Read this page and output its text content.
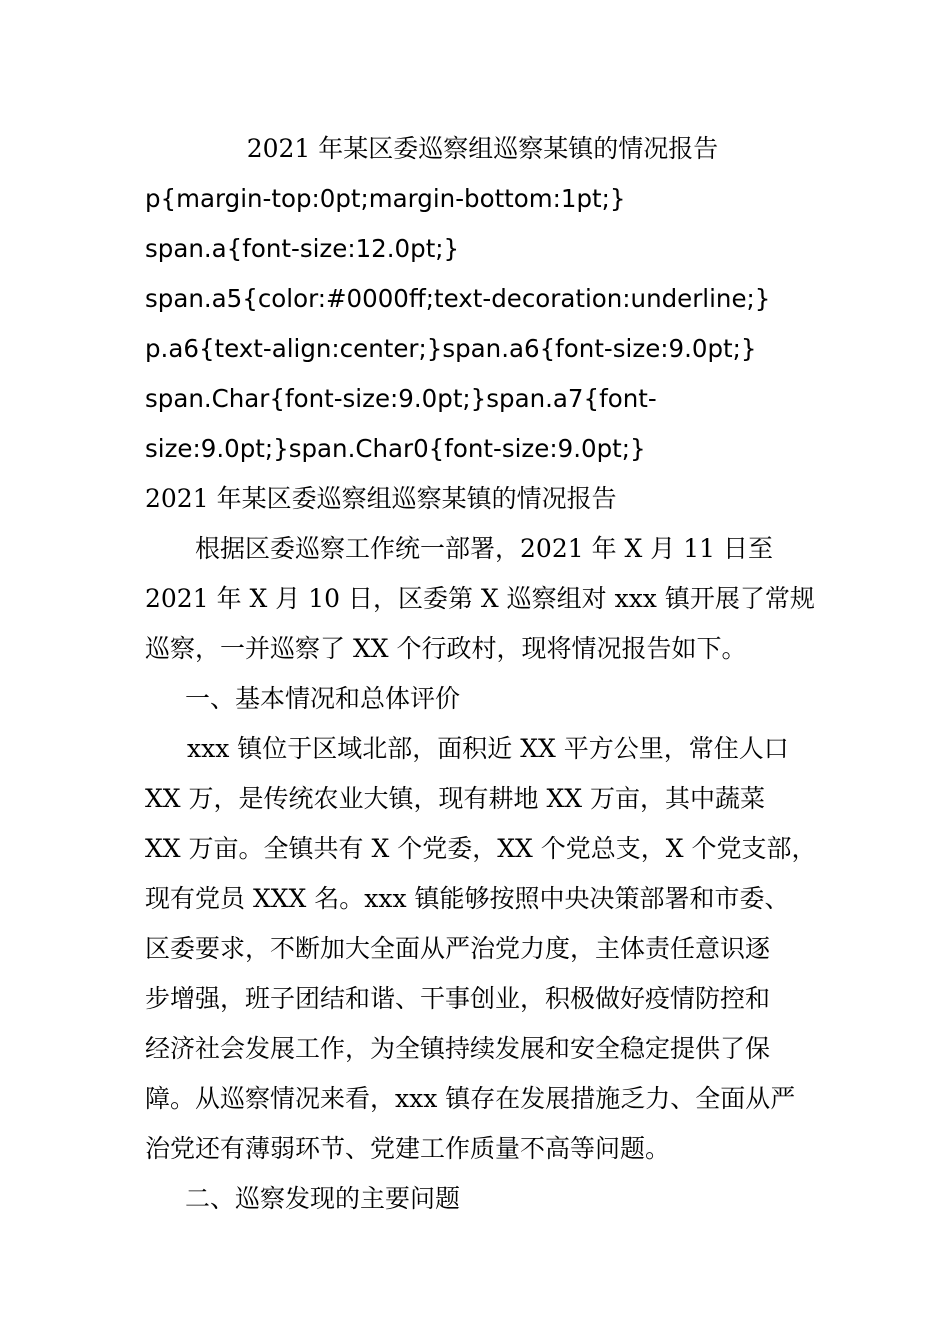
2021 年某区委巡察组巡察某镇的情况报告
p{margin-top:0pt;margin-bottom:1pt;}
span.a{font-size:12.0pt;}
span.a5{color:#0000ff;text-decoration:underline;}
p.a6{text-align:center;}span.a6{font-size:9.0pt;}
span.Char{font-size:9.0pt;}span.a7{font-
size:9.0pt;}span.Char0{font-size:9.0pt;}
2021 年某区委巡察组巡察某镇的情况报告
根据区委巡察工作统一部署，2021 年 X 月 11 日至
2021 年 X 月 10 日，区委第 X 巡察组对 xxx 镇开展了常规
巡察，一并巡察了 XX 个行政村，现将情况报告如下。
一、基本情况和总体评价
xxx 镇位于区域北部，面积近 XX 平方公里，常住人口
XX 万，是传统农业大镇，现有耕地 XX 万亩，其中蔬菜
XX 万亩。全镇共有 X 个党委，XX 个党总支，X 个党支部，
现有党员 XXX 名。xxx 镇能够按照中央决策部署和市委、
区委要求，不断加大全面从严治党力度，主体责任意识逐
步增强，班子团结和谐、干事创业，积极做好疫情防控和
经济社会发展工作，为全镇持续发展和安全稳定提供了保
障。从巡察情况来看，xxx 镇存在发展措施乏力、全面从严
治党还有薄弱环节、党建工作质量不高等问题。
二、巡察发现的主要问题
